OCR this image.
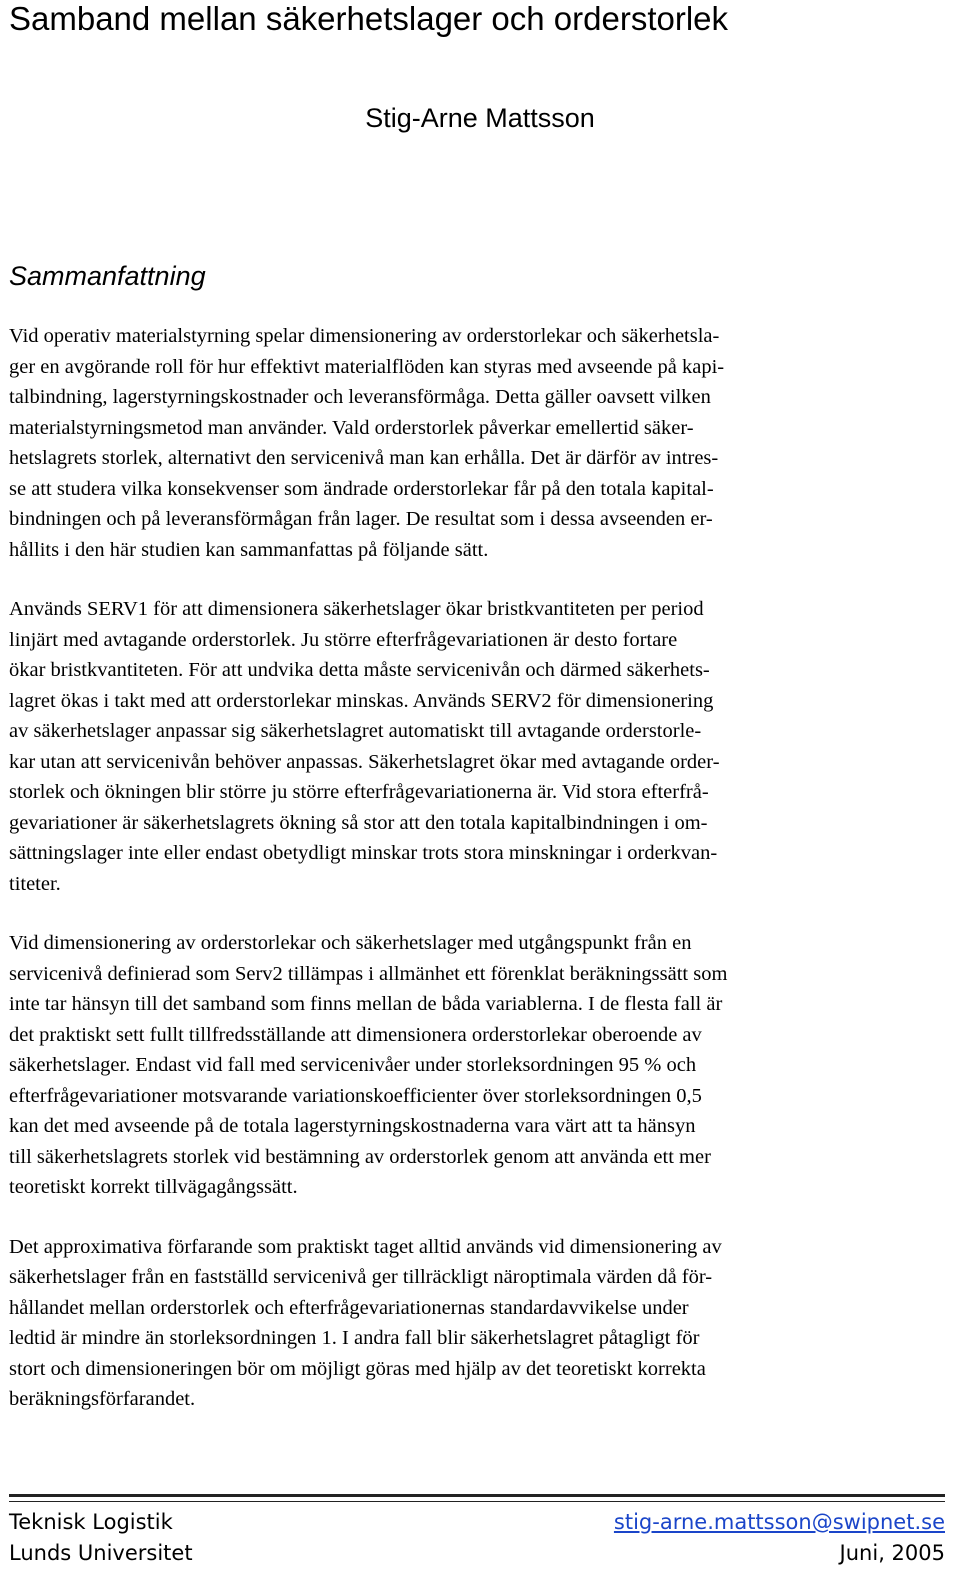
Samband mellan säkerhetslager och orderstorlek
Stig-Arne Mattsson
Sammanfattning

Vid operativ materialstyrning spelar dimensionering av orderstorlekar och säkerhetsla-
ger en avgörande roll för hur effektivt materialflöden kan styras med avseende på kapi-
talbindning, lagerstyrningskostnader och leveransförmåga. Detta gäller oavsett vilken
materialstyrningsmetod man använder. Vald orderstorlek påverkar emellertid säker-
hetslagrets storlek, alternativt den servicenivå man kan erhålla. Det är därför av intres-
se att studera vilka konsekvenser som ändrade orderstorlekar får på den totala kapital-
bindningen och på leveransförmågan från lager. De resultat som i dessa avseenden er-
hållits i den här studien kan sammanfattas på följande sätt.

Används SERV1 för att dimensionera säkerhetslager ökar bristkvantiteten per period
linjärt med avtagande orderstorlek. Ju större efterfrågevariationen är desto fortare
ökar bristkvantiteten. För att undvika detta måste servicenivån och därmed säkerhets-
lagret ökas i takt med att orderstorlekar minskas. Används SERV2 för dimensionering
av säkerhetslager anpassar sig säkerhetslagret automatiskt till avtagande orderstorle-
kar utan att servicenivån behöver anpassas. Säkerhetslagret ökar med avtagande order-
storlek och ökningen blir större ju större efterfrågevariationerna är. Vid stora efterfrå-
gevariationer är säkerhetslagrets ökning så stor att den totala kapitalbindningen i om-
sättningslager inte eller endast obetydligt minskar trots stora minskningar i orderkvan-
titeter.

Vid dimensionering av orderstorlekar och säkerhetslager med utgångspunkt från en
servicenivå definierad som Serv2 tillämpas i allmänhet ett förenklat beräkningssätt som
inte tar hänsyn till det samband som finns mellan de båda variablerna. I de flesta fall är
det praktiskt sett fullt tillfredsställande att dimensionera orderstorlekar oberoende av
säkerhetslager. Endast vid fall med servicenivåer under storleksordningen 95 % och
efterfrågevariationer motsvarande variationskoefficienter över storleksordningen 0,5
kan det med avseende på de totala lagerstyrningskostnaderna vara värt att ta hänsyn
till säkerhetslagrets storlek vid bestämning av orderstorlek genom att använda ett mer
teoretiskt korrekt tillvägagångssätt.

Det approximativa förfarande som praktiskt taget alltid används vid dimensionering av
säkerhetslager från en fastställd servicenivå ger tillräckligt näroptimala värden då för-
hållandet mellan orderstorlek och efterfrågevariationernas standardavvikelse under
ledtid är mindre än storleksordningen 1. I andra fall blir säkerhetslagret påtagligt för
stort och dimensioneringen bör om möjligt göras med hjälp av det teoretiskt korrekta
beräkningsförfarandet.

Teknisk Logistik	stig-arne.mattsson@swipnet.se
Lunds Universitet	Juni, 2005
